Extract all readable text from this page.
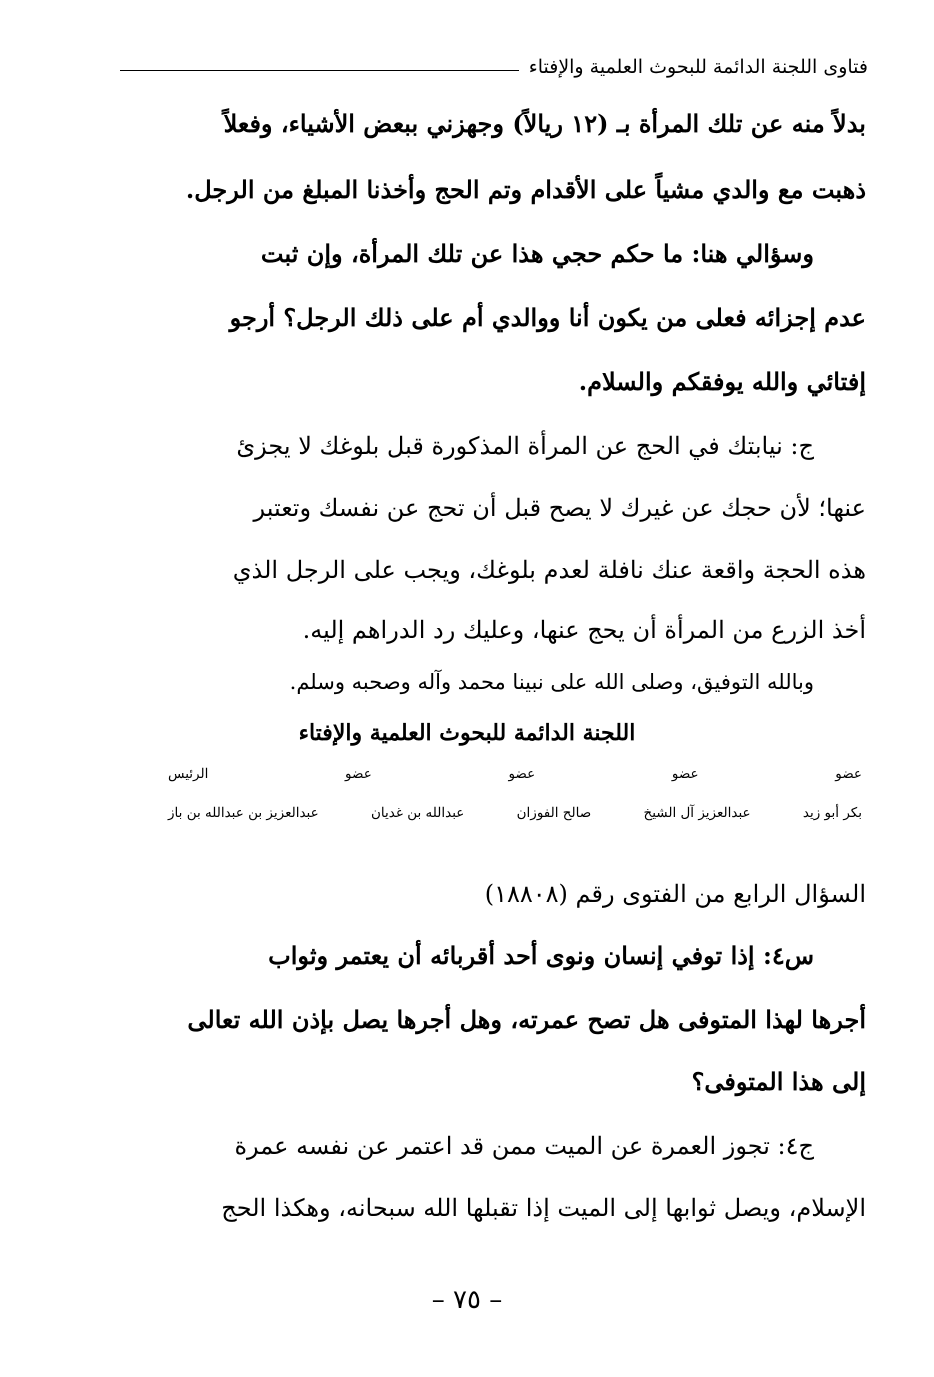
فتاوى اللجنة الدائمة للبحوث العلمية والإفتاء
بدلاً منه عن تلك المرأة بـ (١٢ ريالاً) وجهزني ببعض الأشياء، وفعلاً
ذهبت مع والدي مشياً على الأقدام وتم الحج وأخذنا المبلغ من الرجل.
وسؤالي هنا: ما حكم حجي هذا عن تلك المرأة، وإن ثبت
عدم إجزائه فعلى من يكون أنا ووالدي أم على ذلك الرجل؟ أرجو
إفتائي والله يوفقكم والسلام.
ج: نيابتك في الحج عن المرأة المذكورة قبل بلوغك لا يجزئ
عنها؛ لأن حجك عن غيرك لا يصح قبل أن تحج عن نفسك وتعتبر
هذه الحجة واقعة عنك نافلة لعدم بلوغك، ويجب على الرجل الذي
أخذ الزرع من المرأة أن يحج عنها، وعليك رد الدراهم إليه.
وبالله التوفيق، وصلى الله على نبينا محمد وآله وصحبه وسلم.
اللجنة الدائمة للبحوث العلمية والإفتاء
عضو
عضو
عضو
عضو
الرئيس
بكر أبو زيد
عبدالعزيز آل الشيخ
صالح الفوزان
عبدالله بن غديان
عبدالعزيز بن عبدالله بن باز
السؤال الرابع من الفتوى رقم (١٨٨٠٨)
س٤: إذا توفي إنسان ونوى أحد أقربائه أن يعتمر وثواب
أجرها لهذا المتوفى هل تصح عمرته، وهل أجرها يصل بإذن الله تعالى
إلى هذا المتوفى؟
ج٤: تجوز العمرة عن الميت ممن قد اعتمر عن نفسه عمرة
الإسلام، ويصل ثوابها إلى الميت إذا تقبلها الله سبحانه، وهكذا الحج
– ٧٥ –
